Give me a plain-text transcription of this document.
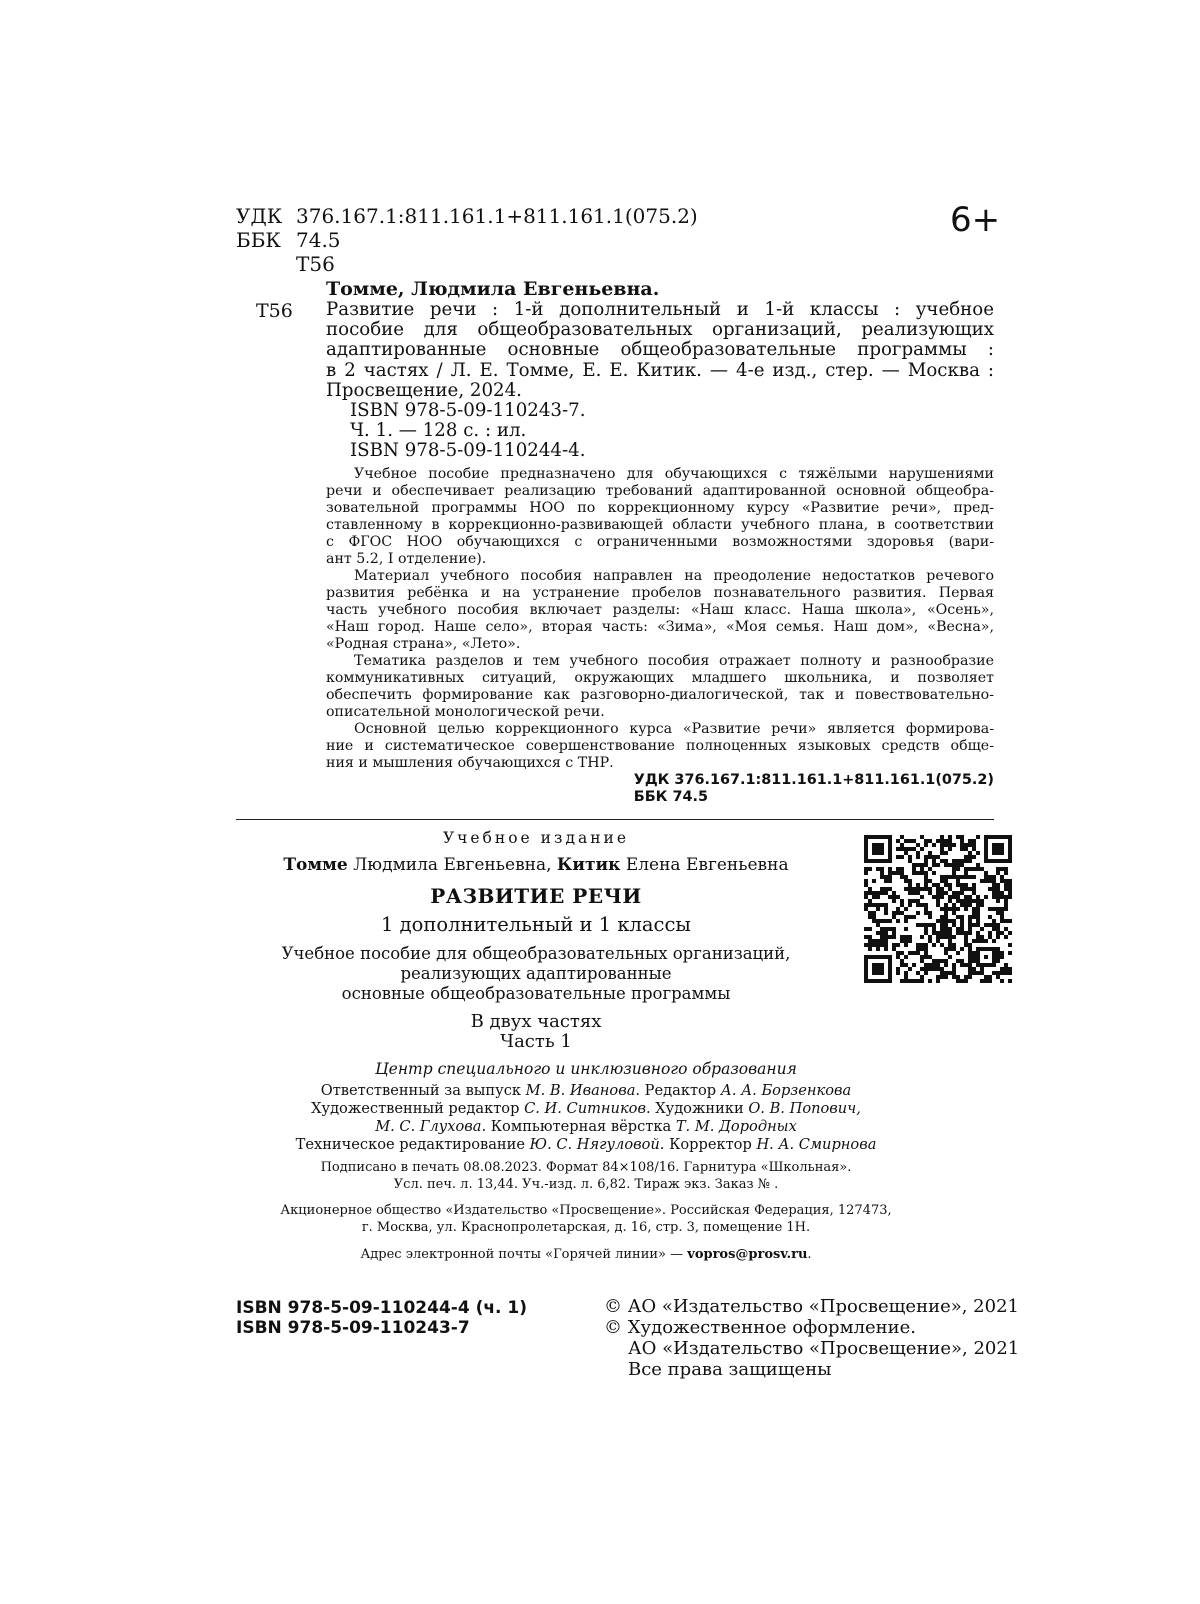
УДК 376.167.1:811.161.1+811.161.1(075.2)
ББК 74.5
Т56
6+
Томме, Людмила Евгеньевна.
Т56 Развитие речи : 1-й дополнительный и 1-й классы : учебное
пособие для общеобразовательных организаций, реализующих
адаптированные основные общеобразовательные программы :
в 2 частях / Л. Е. Томме, Е. Е. Китик. — 4-е изд., стер. — Москва :
Просвещение, 2024.
ISBN 978-5-09-110243-7.
Ч. 1. — 128 с. : ил.
ISBN 978-5-09-110244-4.
Учебное пособие предназначено для обучающихся с тяжёлыми нарушениями
речи и обеспечивает реализацию требований адаптированной основной общеобра-
зовательной программы НОО по коррекционному курсу «Развитие речи», пред-
ставленному в коррекционно-развивающей области учебного плана, в соответствии
с ФГОС НОО обучающихся с ограниченными возможностями здоровья (вари-
ант 5.2, I отделение).
Материал учебного пособия направлен на преодоление недостатков речевого
развития ребёнка и на устранение пробелов познавательного развития. Первая
часть учебного пособия включает разделы: «Наш класс. Наша школа», «Осень»,
«Наш город. Наше село», вторая часть: «Зима», «Моя семья. Наш дом», «Весна»,
«Родная страна», «Лето».
Тематика разделов и тем учебного пособия отражает полноту и разнообразие
коммуникативных ситуаций, окружающих младшего школьника, и позволяет
обеспечить формирование как разговорно-диалогической, так и повествовательно-
описательной монологической речи.
Основной целью коррекционного курса «Развитие речи» является формирова-
ние и систематическое совершенствование полноценных языковых средств обще-
ния и мышления обучающихся с ТНР.
УДК 376.167.1:811.161.1+811.161.1(075.2)
ББК 74.5
Учебное издание
Томме Людмила Евгеньевна, Китик Елена Евгеньевна
РАЗВИТИЕ РЕЧИ
1 дополнительный и 1 классы
Учебное пособие для общеобразовательных организаций,
реализующих адаптированные
основные общеобразовательные программы
В двух частях
Часть 1
Центр специального и инклюзивного образования
Ответственный за выпуск М. В. Иванова. Редактор А. А. Борзенкова
Художественный редактор С. И. Ситников. Художники О. В. Попович,
М. С. Глухова. Компьютерная вёрстка Т. М. Дородных
Техническое редактирование Ю. С. Нягуловой. Корректор Н. А. Смирнова
Подписано в печать 08.08.2023. Формат 84×108/16. Гарнитура «Школьная».
Усл. печ. л. 13,44. Уч.-изд. л. 6,82. Тираж экз. Заказ № .
Акционерное общество «Издательство «Просвещение». Российская Федерация, 127473,
г. Москва, ул. Краснопролетарская, д. 16, стр. 3, помещение 1Н.
Адрес электронной почты «Горячей линии» — vopros@prosv.ru.
ISBN 978-5-09-110244-4 (ч. 1)
ISBN 978-5-09-110243-7
© АО «Издательство «Просвещение», 2021
© Художественное оформление.
АО «Издательство «Просвещение», 2021
Все права защищены
